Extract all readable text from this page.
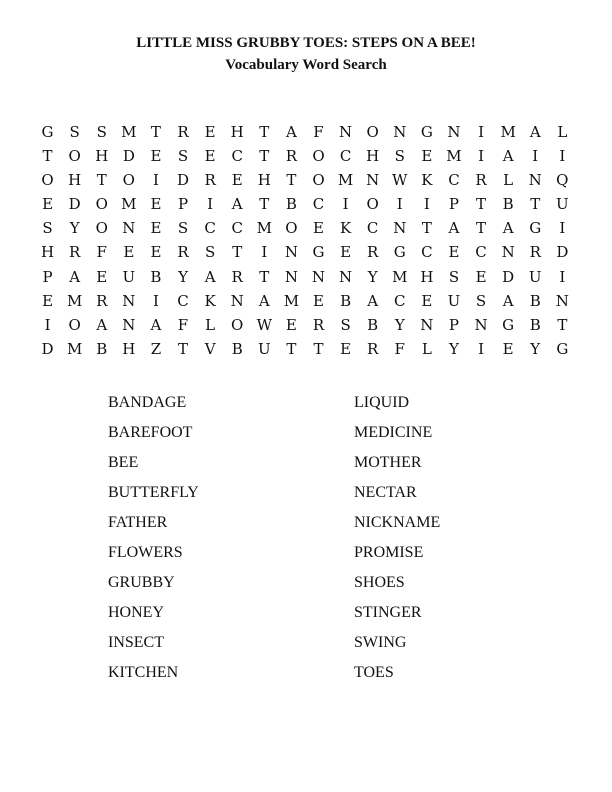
LITTLE MISS GRUBBY TOES: STEPS ON A BEE!
Vocabulary Word Search
G	S	S M T	R	E	H	T	A	F	N O N G N	I	M A	L
T	O H D	E	S	E	C	T	R	O	C H	S	E M	I	A	I	I
O H	T	O	I	D	R	E	H	T	O M N W K	C	R	L	N Q
E	D O M E	P	I	A	T	B	C	I	O	I	I	P	T	B	T	U
S	Y	O N	E	S	C	C M O	E	K	C N	T	A	T	A	G	I
H R	F	E	E	R	S	T	I	N G	E	R	G	C	E	C N R	D
P	A	E	U	B	Y	A	R	T	N N N	Y M H	S	E	D U	I
E M R N	I	C	K N	A M E	B	A	C	E	U	S	A	B	N
I	O	A	N	A	F	L	O W E	R	S	B	Y	N	P	N G	B	T
D M B	H	Z	T	V	B	U	T	T	E	R	F	L	Y	I	E	Y	G
BANDAGE
BAREFOOT
BEE
BUTTERFLY
FATHER
FLOWERS
GRUBBY
HONEY
INSECT
KITCHEN
LIQUID
MEDICINE
MOTHER
NECTAR
NICKNAME
PROMISE
SHOES
STINGER
SWING
TOES
